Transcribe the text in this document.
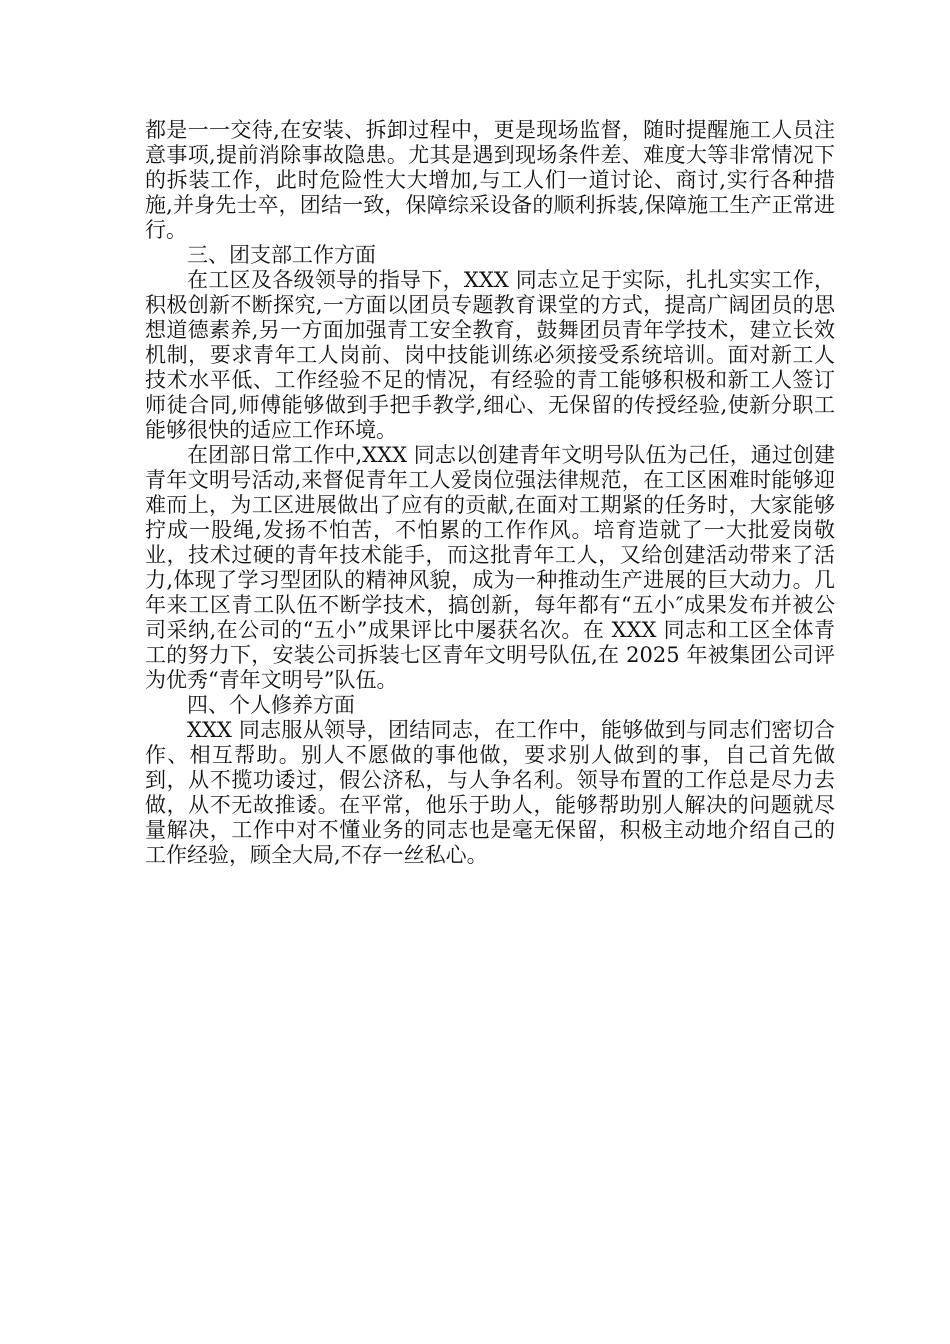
都是一一交待,在安装、拆卸过程中，更是现场监督，随时提醒施工人员注意事项,提前消除事故隐患。尤其是遇到现场条件差、难度大等非常情况下的拆装工作，此时危险性大大增加,与工人们一道讨论、商讨,实行各种措施,并身先士卒，团结一致，保障综采设备的顺利拆装,保障施工生产正常进行。

三、团支部工作方面

在工区及各级领导的指导下，XXX 同志立足于实际，扎扎实实工作，积极创新不断探究,一方面以团员专题教育课堂的方式，提高广阔团员的思想道德素养,另一方面加强青工安全教育，鼓舞团员青年学技术，建立长效机制，要求青年工人岗前、岗中技能训练必须接受系统培训。面对新工人技术水平低、工作经验不足的情况，有经验的青工能够积极和新工人签订师徒合同,师傅能够做到手把手教学,细心、无保留的传授经验,使新分职工能够很快的适应工作环境。

在团部日常工作中,XXX 同志以创建青年文明号队伍为己任，通过创建青年文明号活动,来督促青年工人爱岗位强法律规范，在工区困难时能够迎难而上，为工区进展做出了应有的贡献,在面对工期紧的任务时，大家能够拧成一股绳,发扬不怕苦，不怕累的工作作风。培育造就了一大批爱岗敬业，技术过硬的青年技术能手，而这批青年工人，又给创建活动带来了活力,体现了学习型团队的精神风貌，成为一种推动生产进展的巨大动力。几年来工区青工队伍不断学技术，搞创新，每年都有“五小″成果发布并被公司采纳,在公司的“五小”成果评比中屡获名次。在 XXX 同志和工区全体青工的努力下，安装公司拆装七区青年文明号队伍,在 2025 年被集团公司评为优秀“青年文明号”队伍。

四、个人修养方面

XXX 同志服从领导，团结同志，在工作中，能够做到与同志们密切合作、相互帮助。别人不愿做的事他做，要求别人做到的事，自己首先做到，从不揽功诿过，假公济私，与人争名利。领导布置的工作总是尽力去做，从不无故推诿。在平常，他乐于助人，能够帮助别人解决的问题就尽量解决，工作中对不懂业务的同志也是毫无保留，积极主动地介绍自己的工作经验，顾全大局,不存一丝私心。
